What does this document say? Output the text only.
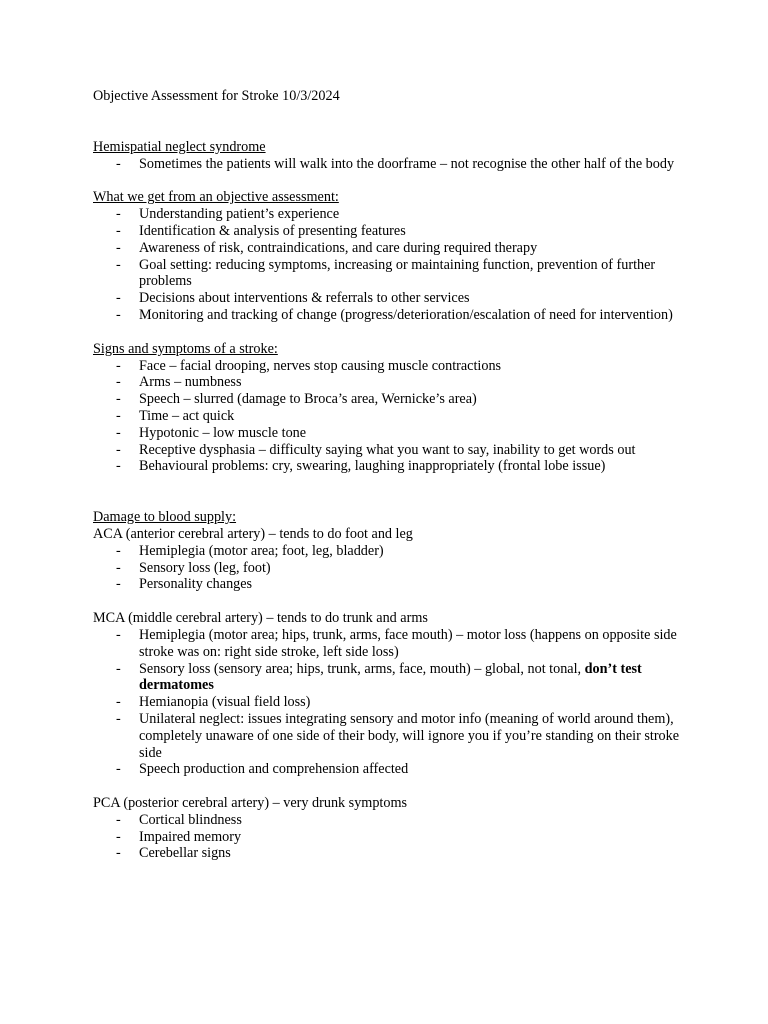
Objective Assessment for Stroke 10/3/2024
Hemispatial neglect syndrome
- Sometimes the patients will walk into the doorframe – not recognise the other half of the body
What we get from an objective assessment:
- Understanding patient’s experience
- Identification & analysis of presenting features
- Awareness of risk, contraindications, and care during required therapy
- Goal setting: reducing symptoms, increasing or maintaining function, prevention of further problems
- Decisions about interventions & referrals to other services
- Monitoring and tracking of change (progress/deterioration/escalation of need for intervention)
Signs and symptoms of a stroke:
- Face – facial drooping, nerves stop causing muscle contractions
- Arms – numbness
- Speech – slurred (damage to Broca’s area, Wernicke’s area)
- Time – act quick
- Hypotonic – low muscle tone
- Receptive dysphasia – difficulty saying what you want to say, inability to get words out
- Behavioural problems: cry, swearing, laughing inappropriately (frontal lobe issue)
Damage to blood supply:
ACA (anterior cerebral artery) – tends to do foot and leg
- Hemiplegia (motor area; foot, leg, bladder)
- Sensory loss (leg, foot)
- Personality changes
MCA (middle cerebral artery) – tends to do trunk and arms
- Hemiplegia (motor area; hips, trunk, arms, face mouth) – motor loss (happens on opposite side stroke was on: right side stroke, left side loss)
- Sensory loss (sensory area; hips, trunk, arms, face, mouth) – global, not tonal, don’t test dermatomes
- Hemianopia (visual field loss)
- Unilateral neglect: issues integrating sensory and motor info (meaning of world around them), completely unaware of one side of their body, will ignore you if you’re standing on their stroke side
- Speech production and comprehension affected
PCA (posterior cerebral artery) – very drunk symptoms
- Cortical blindness
- Impaired memory
- Cerebellar signs
